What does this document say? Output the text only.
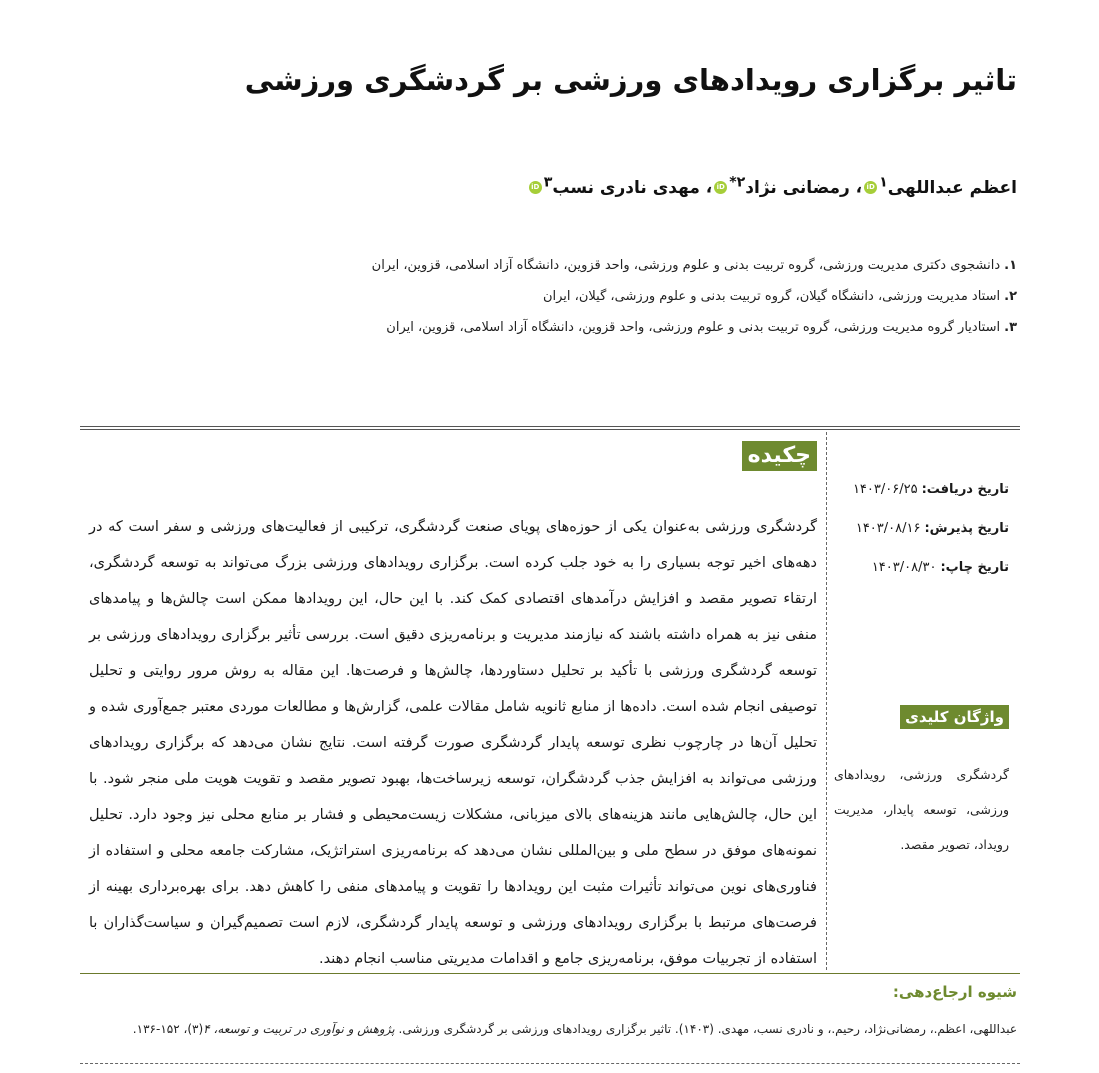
تاثیر برگزاری رویدادهای ورزشی بر گردشگری ورزشی
اعظم عبداللهی$^۱$iD، رمضانی نژاد$^{۲*}$iD، مهدی نادری نسب$^۳$iD
۱.دانشجوی دکتری مدیریت ورزشی، گروه تربیت بدنی و علوم ورزشی، واحد قزوین، دانشگاه آزاد اسلامی، قزوین، ایران
۲.استاد مدیریت ورزشی، دانشگاه گیلان، گروه تربیت بدنی و علوم ورزشی، گیلان، ایران
۳.استادیار گروه مدیریت ورزشی، گروه تربیت بدنی و علوم ورزشی، واحد قزوین، دانشگاه آزاد اسلامی، قزوین، ایران
چکیده

گردشگری ورزشی به‌عنوان یکی از حوزه‌های پویای صنعت گردشگری، ترکیبی از فعالیت‌های ورزشی و سفر است که در دهه‌های اخیر توجه بسیاری را به خود جلب کرده است. برگزاری رویدادهای ورزشی بزرگ می‌تواند به توسعه گردشگری، ارتقاء تصویر مقصد و افزایش درآمدهای اقتصادی کمک کند. با این حال، این رویدادها ممکن است چالش‌ها و پیامدهای منفی نیز به همراه داشته باشند که نیازمند مدیریت و برنامه‌ریزی دقیق است. بررسی تأثیر برگزاری رویدادهای ورزشی بر توسعه گردشگری ورزشی با تأکید بر تحلیل دستاوردها، چالش‌ها و فرصت‌ها. این مقاله به روش مرور روایتی و تحلیل توصیفی انجام شده است. داده‌ها از منابع ثانویه شامل مقالات علمی، گزارش‌ها و مطالعات موردی معتبر جمع‌آوری شده و تحلیل آن‌ها در چارچوب نظری توسعه پایدار گردشگری صورت گرفته است. نتایج نشان می‌دهد که برگزاری رویدادهای ورزشی می‌تواند به افزایش جذب گردشگران، توسعه زیرساخت‌ها، بهبود تصویر مقصد و تقویت هویت ملی منجر شود. با این حال، چالش‌هایی مانند هزینه‌های بالای میزبانی، مشکلات زیست‌محیطی و فشار بر منابع محلی نیز وجود دارد. تحلیل نمونه‌های موفق در سطح ملی و بین‌المللی نشان می‌دهد که برنامه‌ریزی استراتژیک، مشارکت جامعه محلی و استفاده از فناوری‌های نوین می‌تواند تأثیرات مثبت این رویدادها را تقویت و پیامدهای منفی را کاهش دهد. برای بهره‌برداری بهینه از فرصت‌های مرتبط با برگزاری رویدادهای ورزشی و توسعه پایدار گردشگری، لازم است تصمیم‌گیران و سیاست‌گذاران با استفاده از تجربیات موفق، برنامه‌ریزی جامع و اقدامات مدیریتی مناسب انجام دهند.

تاریخ دریافت:۱۴۰۳/۰۶/۲۵
تاریخ پذیرش:۱۴۰۳/۰۸/۱۶
تاریخ چاپ:۱۴۰۳/۰۸/۳۰
واژگان کلیدی

گردشگری ورزشی، رویدادهای ورزشی، توسعه پایدار، مدیریت رویداد، تصویر مقصد.

شیوه ارجاع‌دهی:
عبداللهی، اعظم.، رمضانی‌نژاد، رحیم.، و نادری نسب، مهدی. (۱۴۰۳). تاثیر برگزاری رویدادهای ورزشی بر گردشگری ورزشی. پژوهش و نوآوری در تربیت و توسعه، ۴(۳)، ۱۵۲-۱۳۶.
